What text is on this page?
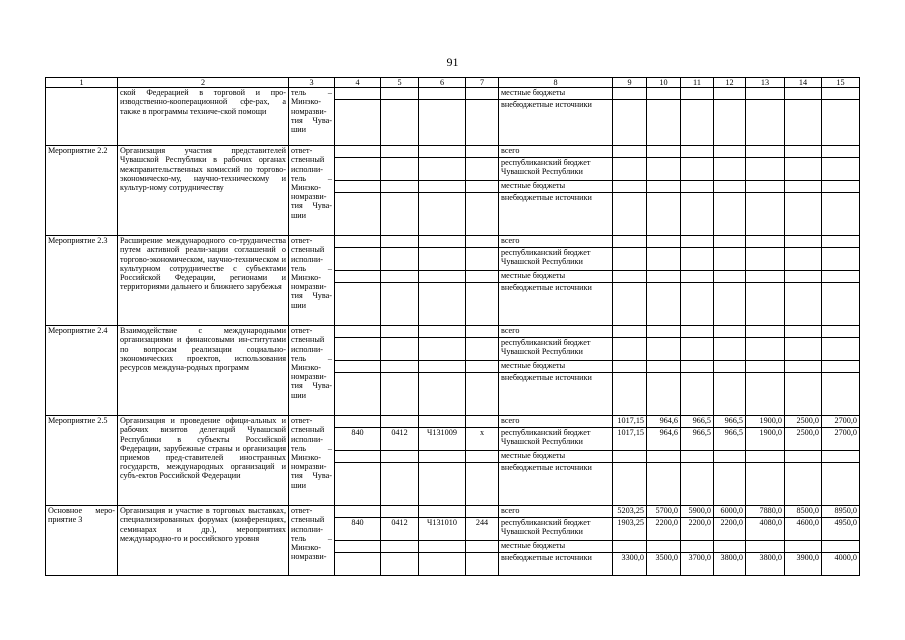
91
1	2	3	4	5	6	7	8	9	10	11	12	13	14	15
	ской Федерацией в торговой и про-изводственно-кооперационной сфе-рах, а также в программы техниче-ской помощи	тель – Минэко-номразви-тия Чува-шии					местные бюджеты							
							внебюджетные источники							
Мероприятие 2.2	Организация участия представителей Чувашской Республики в рабочих органах межправительственных комиссий по торгово-экономическо-му, научно-техническому и культур-ному сотрудничеству	ответ-ственный исполни-тель – Минэко-номразви-тия Чува-шии					всего							
							республиканский бюджет Чувашской Республики							
							местные бюджеты							
							внебюджетные источники							
Мероприятие 2.3	Расширение международного со-трудничества путем активной реали-зации соглашений о торгово-экономическом, научно-техническом и культурном сотрудничестве с субъектами Российской Федерации, регионами и территориями дальнего и ближнего зарубежья	ответ-ственный исполни-тель – Минэко-номразви-тия Чува-шии					всего							
							республиканский бюджет Чувашской Республики							
							местные бюджеты							
							внебюджетные источники							
Мероприятие 2.4	Взаимодействие с международными организациями и финансовыми ин-ститутами по вопросам реализации социально-экономических проектов, использования ресурсов междуна-родных программ	ответ-ственный исполни-тель – Минэко-номразви-тия Чува-шии					всего							
							республиканский бюджет Чувашской Республики							
							местные бюджеты							
							внебюджетные источники							
Мероприятие 2.5	Организация и проведение офици-альных и рабочих визитов делегаций Чувашской Республики в субъекты Российской Федерации, зарубежные страны и организация приемов пред-ставителей иностранных государств, международных организаций и субъ-ектов Российской Федерации	ответ-ственный исполни-тель – Минэко-номразви-тия Чува-шии					всего	1017,15	964,6	966,5	966,5	1900,0	2500,0	2700,0
			840	0412	Ч131009	x	республиканский бюджет Чувашской Республики	1017,15	964,6	966,5	966,5	1900,0	2500,0	2700,0
							местные бюджеты							
							внебюджетные источники							
Основное меро-приятие 3	Организация и участие в торговых выставках, специализированных форумах (конференциях, семинарах и др.), мероприятиях международно-го и российского уровня	ответ-ственный исполни-тель – Минэко-номразви-					всего	5203,25	5700,0	5900,0	6000,0	7880,0	8500,0	8950,0
			840	0412	Ч131010	244	республиканский бюджет Чувашской Республики	1903,25	2200,0	2200,0	2200,0	4080,0	4600,0	4950,0
							местные бюджеты							
							внебюджетные источники	3300,0	3500,0	3700,0	3800,0	3800,0	3900,0	4000,0
